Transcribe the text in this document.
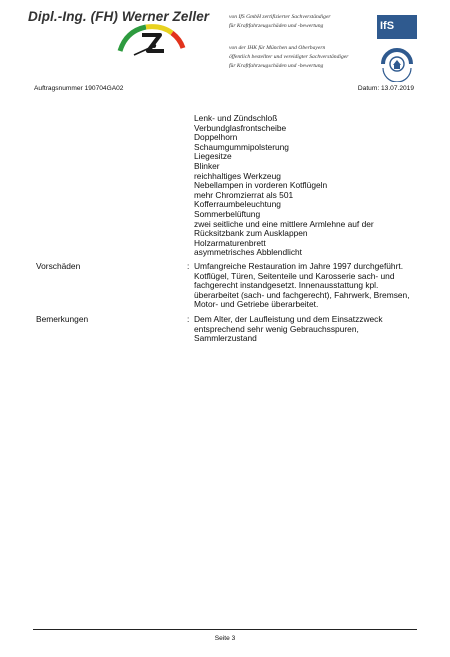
Dipl.-Ing. (FH) Werner Zeller	von IfS GmbH zertifizierter Sachverständiger
für Kraftfahrzeugschäden und -bewertung
von der IHK für München und Oberbayern
öffentlich bestellter und vereidigter Sachverständiger
für Kraftfahrzeugschäden und -bewertung
IfS
Auftragsnummer 190704GA02	Datum: 13.07.2019
Lenk- und Zündschloß
Verbundglasfrontscheibe
Doppelhorn
Schaumgummipolsterung
Liegesitze
Blinker
reichhaltiges Werkzeug
Nebellampen in vorderen Kotflügeln
mehr Chromzierrat als 501
Kofferraumbeleuchtung
Sommerbelüftung
zwei seitliche und eine mittlere Armlehne auf der
Rücksitzbank zum Ausklappen
Holzarmaturenbrett
asymmetrisches Abblendlicht
Vorschäden	: Umfangreiche Restauration im Jahre 1997 durchgeführt.
Kotflügel, Türen, Seitenteile und Karosserie sach- und
fachgerecht instandgesetzt. Innenausstattung kpl.
überarbeitet (sach- und fachgerecht), Fahrwerk, Bremsen,
Motor- und Getriebe überarbeitet.
Bemerkungen	: Dem Alter, der Laufleistung und dem Einsatzzweck
entsprechend sehr wenig Gebrauchsspuren,
Sammlerzustand
Seite 3
